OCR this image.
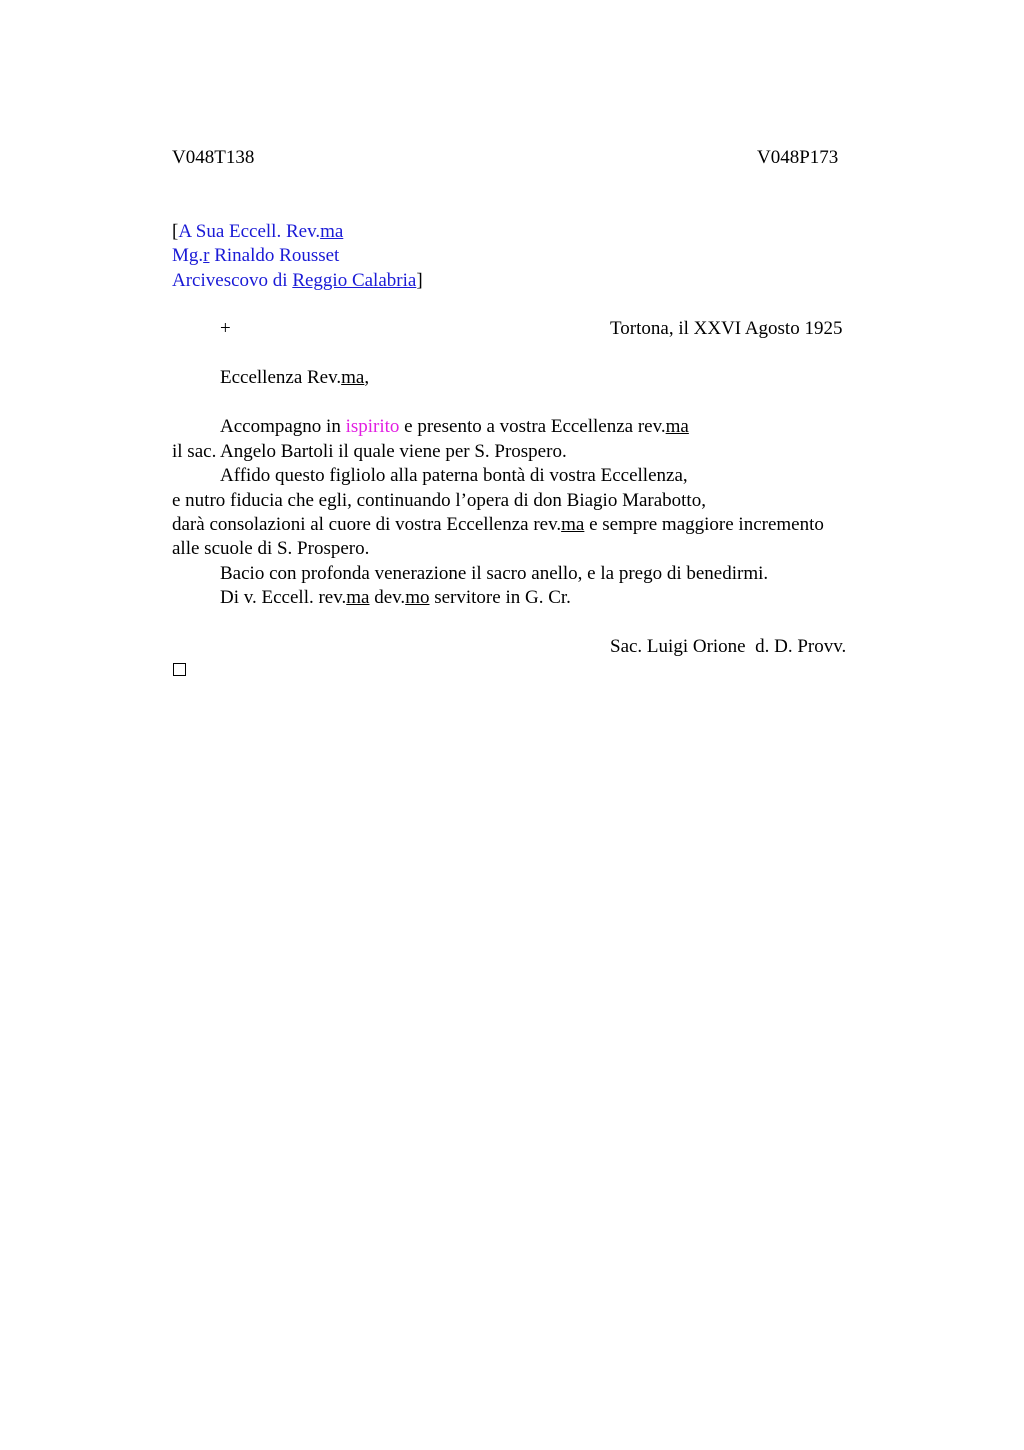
V048T138	V048P173
[A Sua Eccell. Rev.ma
Mg.r Rinaldo Rousset
Arcivescovo di Reggio Calabria]
+	Tortona, il XXVI Agosto 1925
Eccellenza Rev.ma,
Accompagno in ispirito e presento a vostra Eccellenza rev.ma
il sac. Angelo Bartoli il quale viene per S. Prospero.
Affido questo figliolo alla paterna bontà di vostra Eccellenza,
e nutro fiducia che egli, continuando l’opera di don Biagio Marabotto,
darà consolazioni al cuore di vostra Eccellenza rev.ma e sempre maggiore incremento
alle scuole di S. Prospero.
Bacio con profonda venerazione il sacro anello, e la prego di benedirmi.
Di v. Eccell. rev.ma dev.mo servitore in G. Cr.
Sac. Luigi Orione  d. D. Provv.
